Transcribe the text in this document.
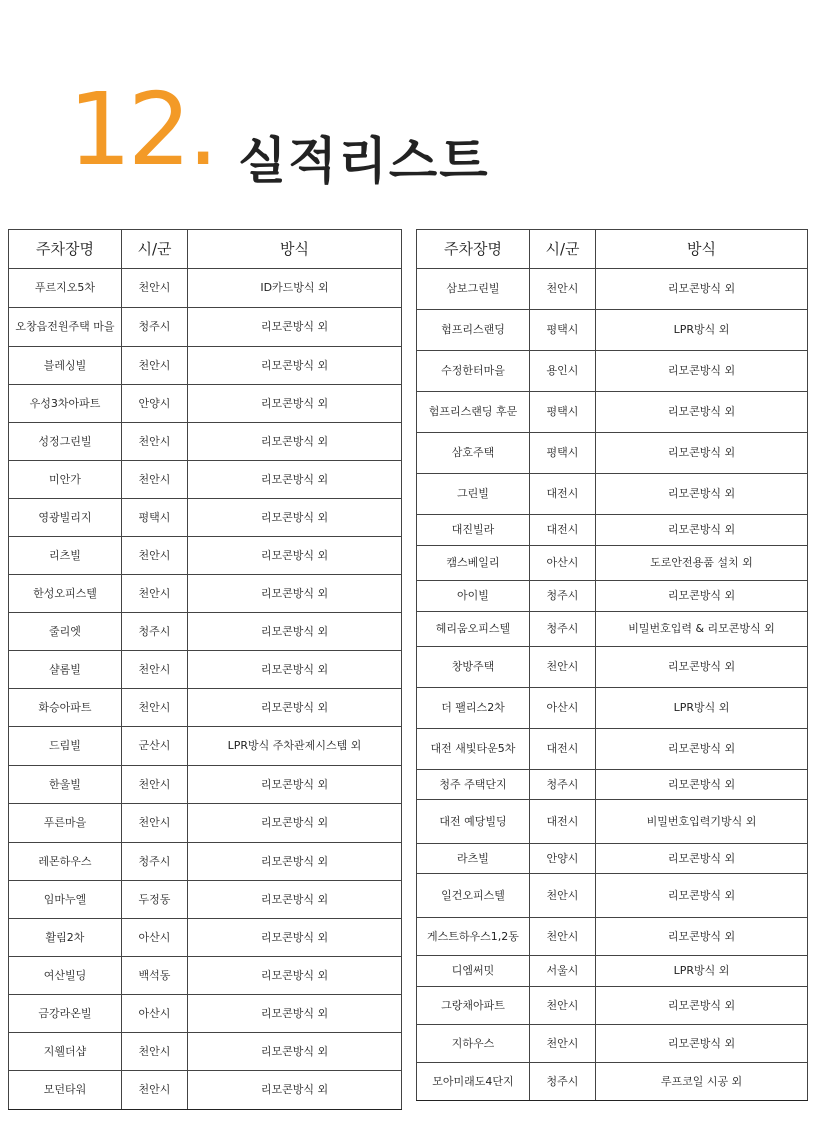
12. 실적리스트
주차장명	시/군	방식
푸르지오5차	천안시	ID카드방식 외
오창읍전원주택 마을	청주시	리모콘방식 외
블레싱빌	천안시	리모콘방식 외
우성3차아파트	안양시	리모콘방식 외
성정그린빌	천안시	리모콘방식 외
미안가	천안시	리모콘방식 외
영광빌리지	평택시	리모콘방식 외
리츠빌	천안시	리모콘방식 외
한성오피스텔	천안시	리모콘방식 외
줄리엣	청주시	리모콘방식 외
샬롬빌	천안시	리모콘방식 외
화승아파트	천안시	리모콘방식 외
드림빌	군산시	LPR방식 주차관제시스템 외
한울빌	천안시	리모콘방식 외
푸른마을	천안시	리모콘방식 외
레몬하우스	청주시	리모콘방식 외
임마누엘	두정동	리모콘방식 외
활림2차	아산시	리모콘방식 외
여산빌딩	백석동	리모콘방식 외
금강라온빌	아산시	리모콘방식 외
지웰더샵	천안시	리모콘방식 외
모던타워	천안시	리모콘방식 외
주차장명	시/군	방식
삼보그린빌	천안시	리모콘방식 외
험프리스랜딩	평택시	LPR방식 외
수정한터마을	용인시	리모콘방식 외
험프리스랜딩 후문	평택시	리모콘방식 외
삼호주택	평택시	리모콘방식 외
그린빌	대전시	리모콘방식 외
대진빌라	대전시	리모콘방식 외
캠스베일리	아산시	도로안전용품 설치 외
아이빌	청주시	리모콘방식 외
헤리움오피스텔	청주시	비밀번호입력 & 리모콘방식 외
창방주택	천안시	리모콘방식 외
더 팰리스2차	아산시	LPR방식 외
대전 새빛타운5차	대전시	리모콘방식 외
청주 주택단지	청주시	리모콘방식 외
대전 예당빌딩	대전시	비밀번호입력기방식 외
라츠빌	안양시	리모콘방식 외
일건오피스텔	천안시	리모콘방식 외
게스트하우스1,2동	천안시	리모콘방식 외
디엠써밋	서울시	LPR방식 외
그랑채아파트	천안시	리모콘방식 외
지하우스	천안시	리모콘방식 외
모아미래도4단지	청주시	루프코일 시공 외
